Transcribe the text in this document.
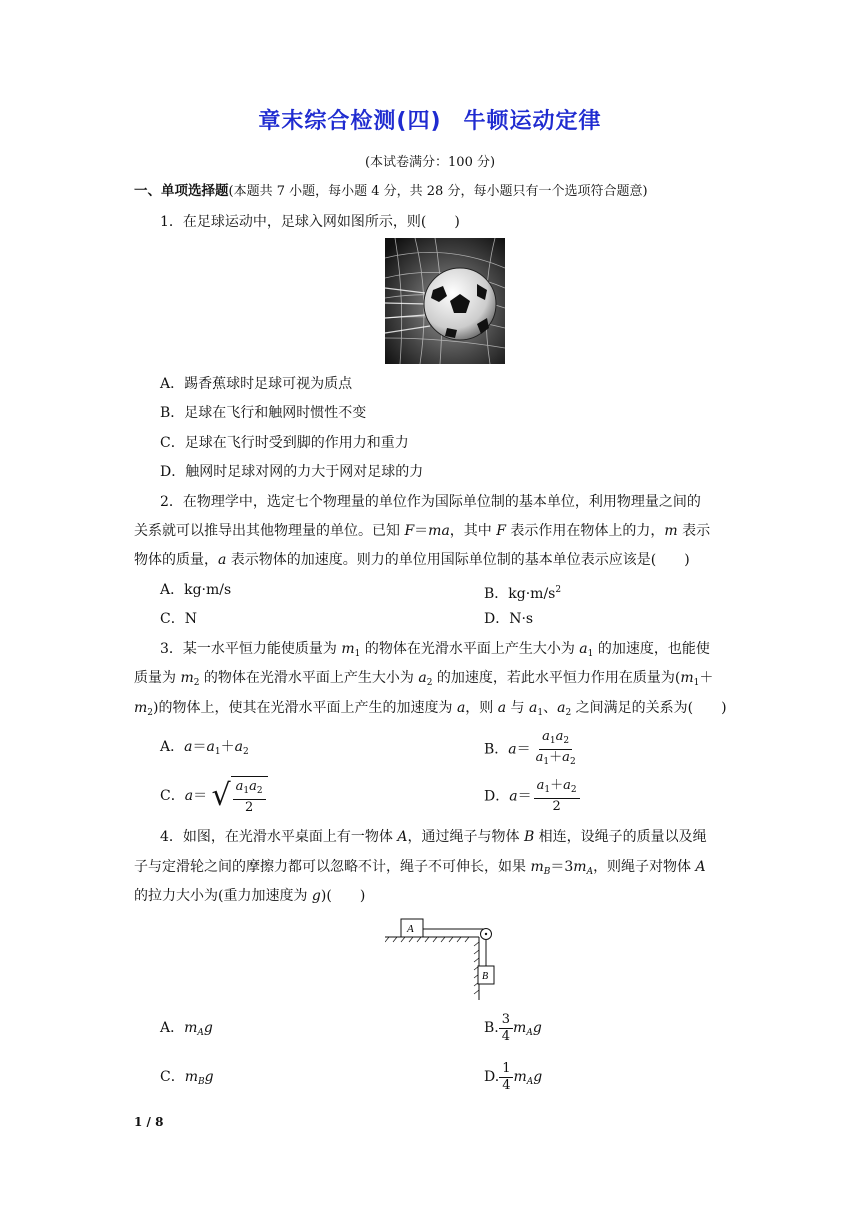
章末综合检测(四) 牛顿运动定律
(本试卷满分：100 分)
一、单项选择题(本题共 7 小题，每小题 4 分，共 28 分，每小题只有一个选项符合题意)
1．在足球运动中，足球入网如图所示，则(　　)
A．踢香蕉球时足球可视为质点
B．足球在飞行和触网时惯性不变
C．足球在飞行时受到脚的作用力和重力
D．触网时足球对网的力大于网对足球的力
2．在物理学中，选定七个物理量的单位作为国际单位制的基本单位，利用物理量之间的
关系就可以推导出其他物理量的单位。已知 F＝ma，其中 F 表示作用在物体上的力，m 表示
物体的质量，a 表示物体的加速度。则力的单位用国际单位制的基本单位表示应该是(　　)
A．kg·m/s	B．$kg\cdot m/s^2$
C．N	D．N·s
3．某一水平恒力能使质量为 $m_1$ 的物体在光滑水平面上产生大小为 $a_1$ 的加速度，也能使
质量为 $m_2$ 的物体在光滑水平面上产生大小为 $a_2$ 的加速度，若此水平恒力作用在质量为($m_1+$
$m_2$)的物体上，使其在光滑水平面上产生的加速度为 a，则 a 与 $a_1$、$a_2$ 之间满足的关系为(　　)
A．$a=a_1+a_2$	B．$a= \frac{a_1a_2}{a_1+a_2}$
C．a＝ √ $\frac{a_1a_2}{2}$	D．$a= \frac{a_1+a_2}{2}$
4．如图，在光滑水平桌面上有一物体 A，通过绳子与物体 B 相连，设绳子的质量以及绳
子与定滑轮之间的摩擦力都可以忽略不计，绳子不可伸长，如果 $m_B=3m_A$，则绳子对物体 A
的拉力大小为(重力加速度为 g)(　　)
A
B
A．$m_Ag$	B. $\frac{3}{4} m_Ag$
C．$m_Bg$	D. $\frac{1}{4} m_Ag$
1 / 8
